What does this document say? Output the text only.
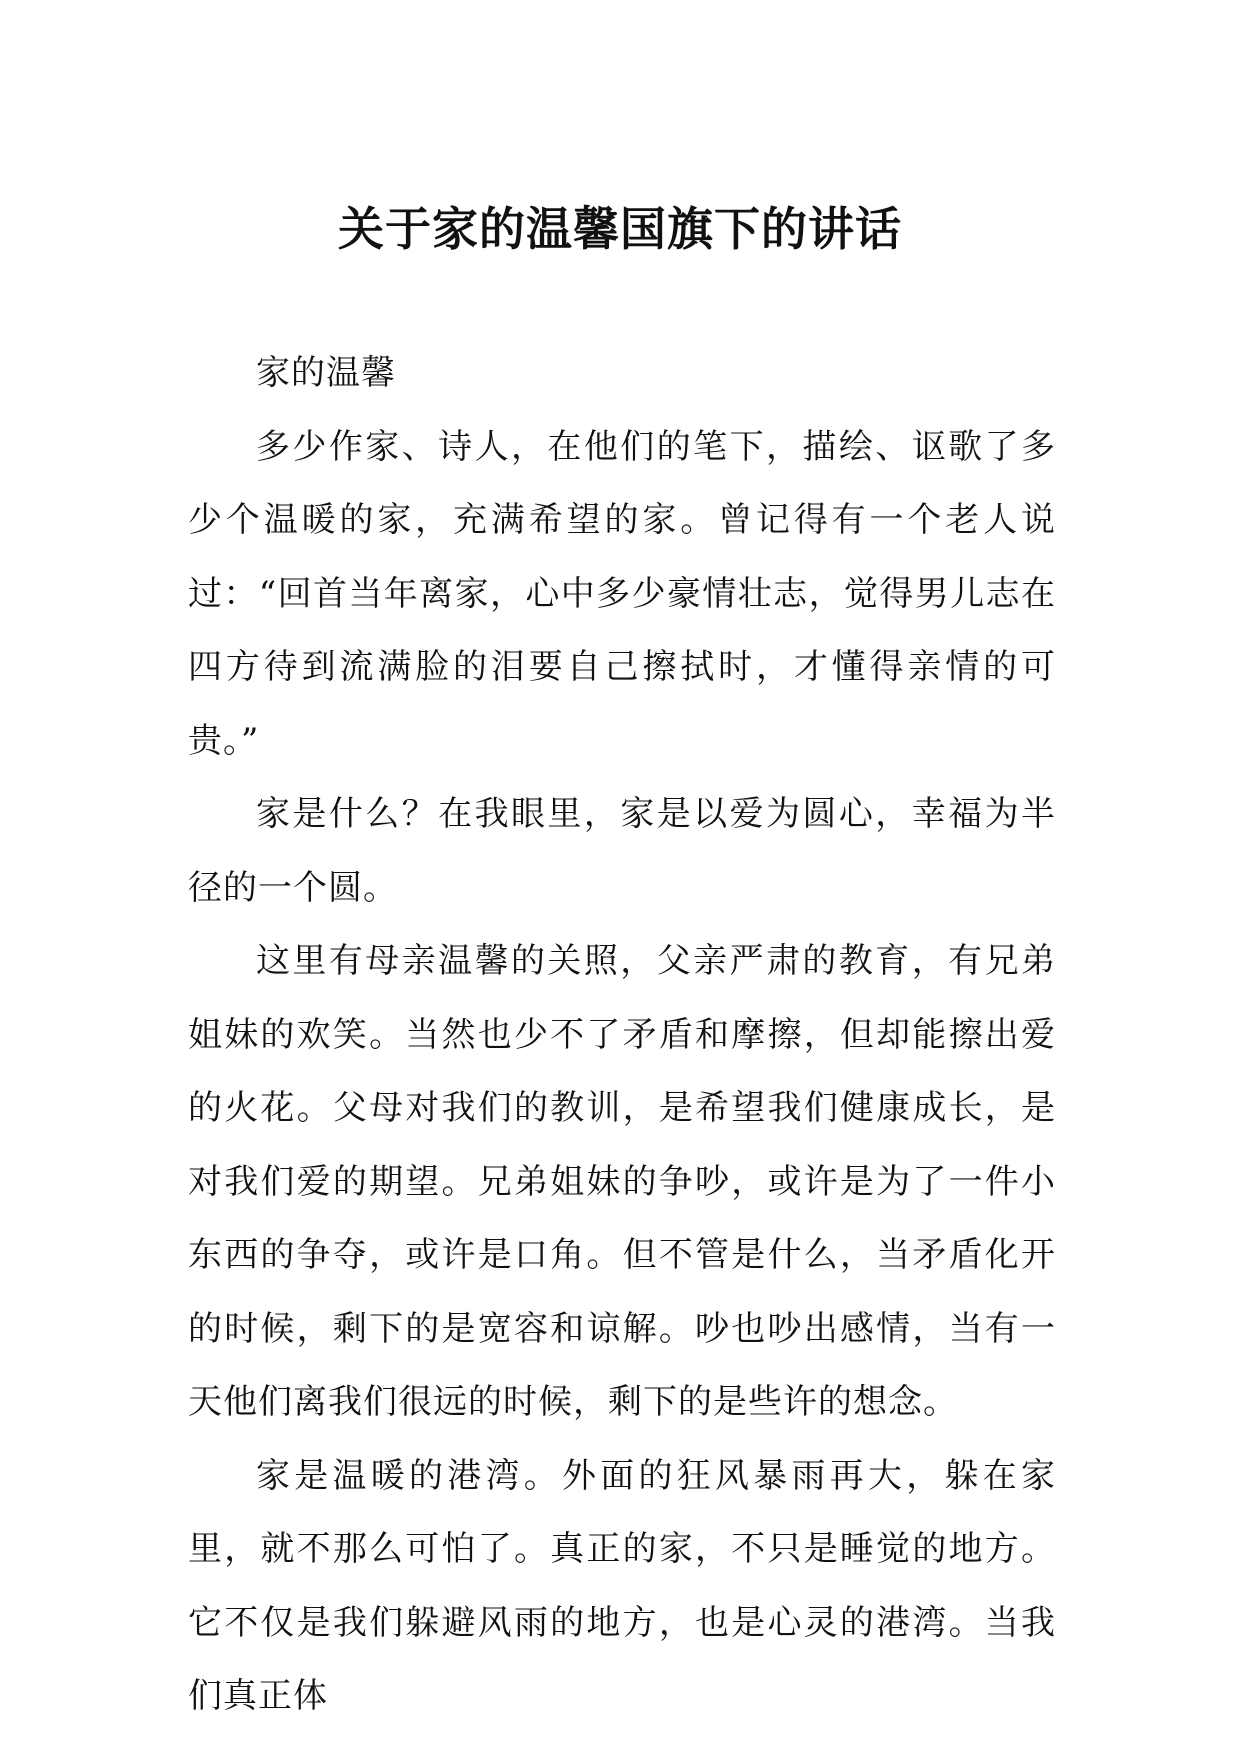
关于家的温馨国旗下的讲话

家的温馨

多少作家、诗人，在他们的笔下，描绘、讴歌了多少个温暖的家，充满希望的家。曾记得有一个老人说过：“回首当年离家，心中多少豪情壮志，觉得男儿志在四方待到流满脸的泪要自己擦拭时，才懂得亲情的可贵。”

家是什么？在我眼里，家是以爱为圆心，幸福为半径的一个圆。

这里有母亲温馨的关照，父亲严肃的教育，有兄弟姐妹的欢笑。当然也少不了矛盾和摩擦，但却能擦出爱的火花。父母对我们的教训，是希望我们健康成长，是对我们爱的期望。兄弟姐妹的争吵，或许是为了一件小东西的争夺，或许是口角。但不管是什么，当矛盾化开的时候，剩下的是宽容和谅解。吵也吵出感情，当有一天他们离我们很远的时候，剩下的是些许的想念。

家是温暖的港湾。外面的狂风暴雨再大，躲在家里，就不那么可怕了。真正的家，不只是睡觉的地方。它不仅是我们躲避风雨的地方，也是心灵的港湾。当我们真正体
